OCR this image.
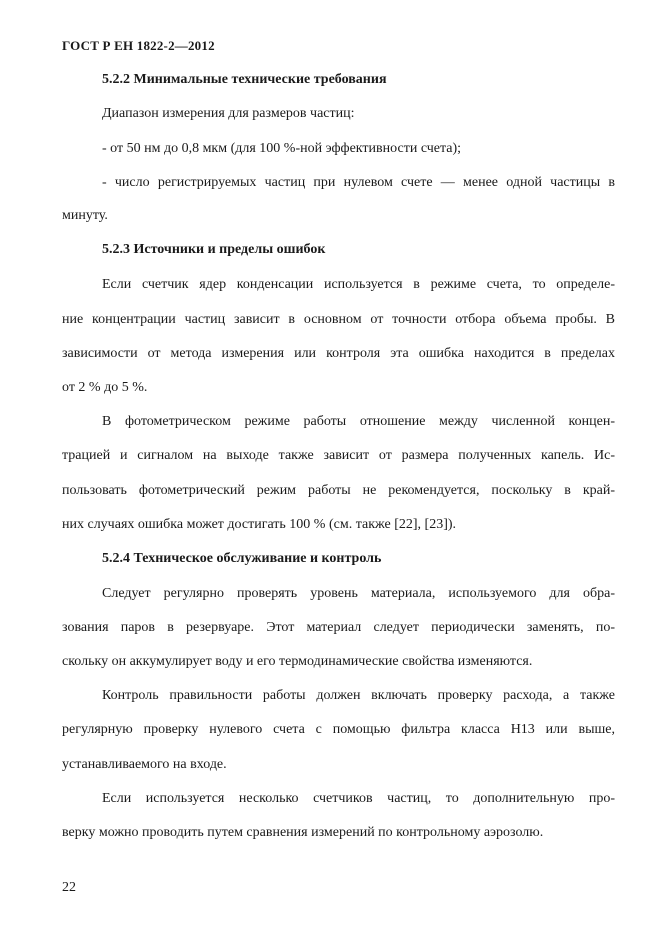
ГОСТ Р ЕН 1822-2—2012
5.2.2 Минимальные технические требования
Диапазон измерения для размеров частиц:
- от 50 нм до 0,8 мкм (для 100 %-ной эффективности счета);
- число регистрируемых частиц при нулевом счете — менее одной частицы в
минуту.
5.2.3 Источники и пределы ошибок
Если счетчик ядер конденсации используется в режиме счета, то определе-
ние концентрации частиц зависит в основном от точности отбора объема пробы. В
зависимости от метода измерения или контроля эта ошибка находится в пределах
от 2 % до 5 %.
В фотометрическом режиме работы отношение между численной концен-
трацией и сигналом на выходе также зависит от размера полученных капель. Ис-
пользовать фотометрический режим работы не рекомендуется, поскольку в край-
них случаях ошибка может достигать 100 % (см. также [22], [23]).
5.2.4 Техническое обслуживание и контроль
Следует регулярно проверять уровень материала, используемого для обра-
зования паров в резервуаре. Этот материал следует периодически заменять, по-
скольку он аккумулирует воду и его термодинамические свойства изменяются.
Контроль правильности работы должен включать проверку расхода, а также
регулярную проверку нулевого счета с помощью фильтра класса Н13 или выше,
устанавливаемого на входе.
Если используется несколько счетчиков частиц, то дополнительную про-
верку можно проводить путем сравнения измерений по контрольному аэрозолю.
22
